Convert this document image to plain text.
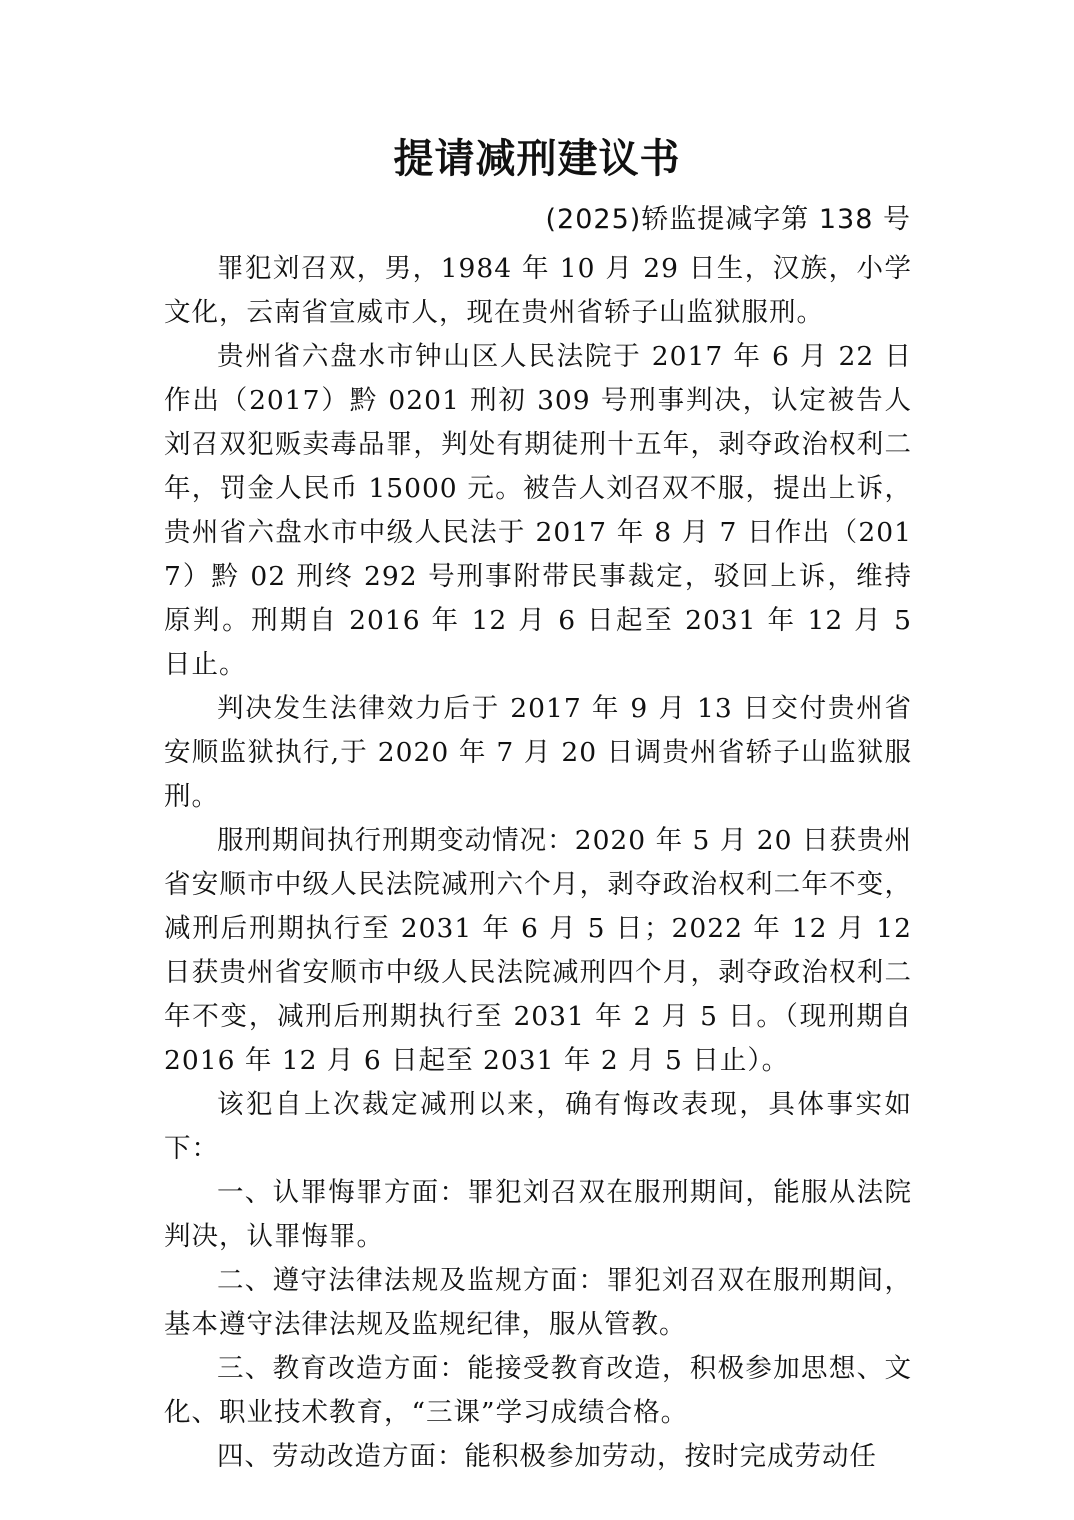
提请减刑建议书
(2025)轿监提减字第 138 号

罪犯刘召双，男，1984 年 10 月 29 日生，汉族，小学文化，云南省宣威市人，现在贵州省轿子山监狱服刑。

贵州省六盘水市钟山区人民法院于 2017 年 6 月 22 日作出（2017）黔 0201 刑初 309 号刑事判决，认定被告人刘召双犯贩卖毒品罪，判处有期徒刑十五年，剥夺政治权利二年，罚金人民币 15000 元。被告人刘召双不服，提出上诉，贵州省六盘水市中级人民法于 2017 年 8 月 7 日作出（2017）黔 02 刑终 292 号刑事附带民事裁定，驳回上诉，维持原判。刑期自 2016 年 12 月 6 日起至 2031 年 12 月 5 日止。

判决发生法律效力后于 2017 年 9 月 13 日交付贵州省安顺监狱执行,于 2020 年 7 月 20 日调贵州省轿子山监狱服刑。

服刑期间执行刑期变动情况：2020 年 5 月 20 日获贵州省安顺市中级人民法院减刑六个月，剥夺政治权利二年不变，减刑后刑期执行至 2031 年 6 月 5 日；2022 年 12 月 12 日获贵州省安顺市中级人民法院减刑四个月，剥夺政治权利二年不变，减刑后刑期执行至 2031 年 2 月 5 日。（现刑期自 2016 年 12 月 6 日起至 2031 年 2 月 5 日止）。

该犯自上次裁定减刑以来，确有悔改表现，具体事实如下：

一、认罪悔罪方面：罪犯刘召双在服刑期间，能服从法院判决，认罪悔罪。

二、遵守法律法规及监规方面：罪犯刘召双在服刑期间，基本遵守法律法规及监规纪律，服从管教。

三、教育改造方面：能接受教育改造，积极参加思想、文化、职业技术教育，“三课”学习成绩合格。

四、劳动改造方面：能积极参加劳动，按时完成劳动任
